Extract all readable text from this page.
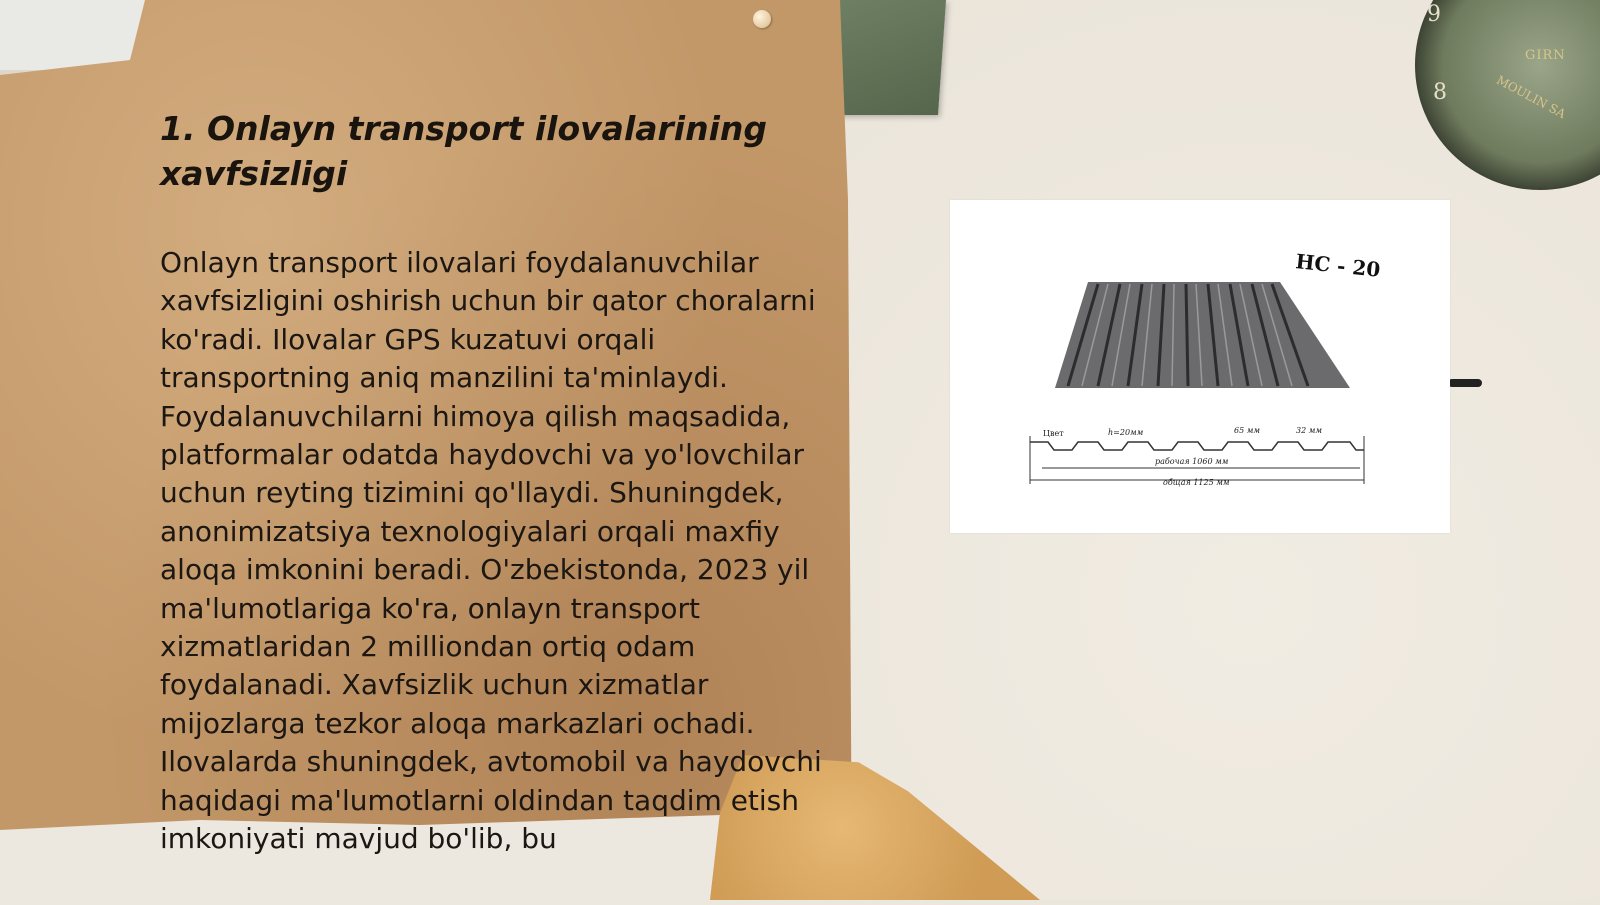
9
8
GIRN
MOULIN SA
1. Onlayn transport ilovalarining xavfsizligi

Onlayn transport ilovalari foydalanuvchilar xavfsizligini oshirish uchun bir qator choralarni ko'radi. Ilovalar GPS kuzatuvi orqali transportning aniq manzilini ta'minlaydi. Foydalanuvchilarni himoya qilish maqsadida, platformalar odatda haydovchi va yo'lovchilar uchun reyting tizimini qo'llaydi. Shuningdek, anonimizatsiya texnologiyalari orqali maxfiy aloqa imkonini beradi. O'zbekistonda, 2023 yil ma'lumotlariga ko'ra, onlayn transport xizmatlaridan 2 milliondan ortiq odam foydalanadi. Xavfsizlik uchun xizmatlar mijozlarga tezkor aloqa markazlari ochadi. Ilovalarda shuningdek, avtomobil va haydovchi haqidagi ma'lumotlarni oldindan taqdim etish imkoniyati mavjud bo'lib, bu

НС - 20
Цвет	h=20мм	65 мм	32 мм
рабочая 1060 мм
общая 1125 мм
